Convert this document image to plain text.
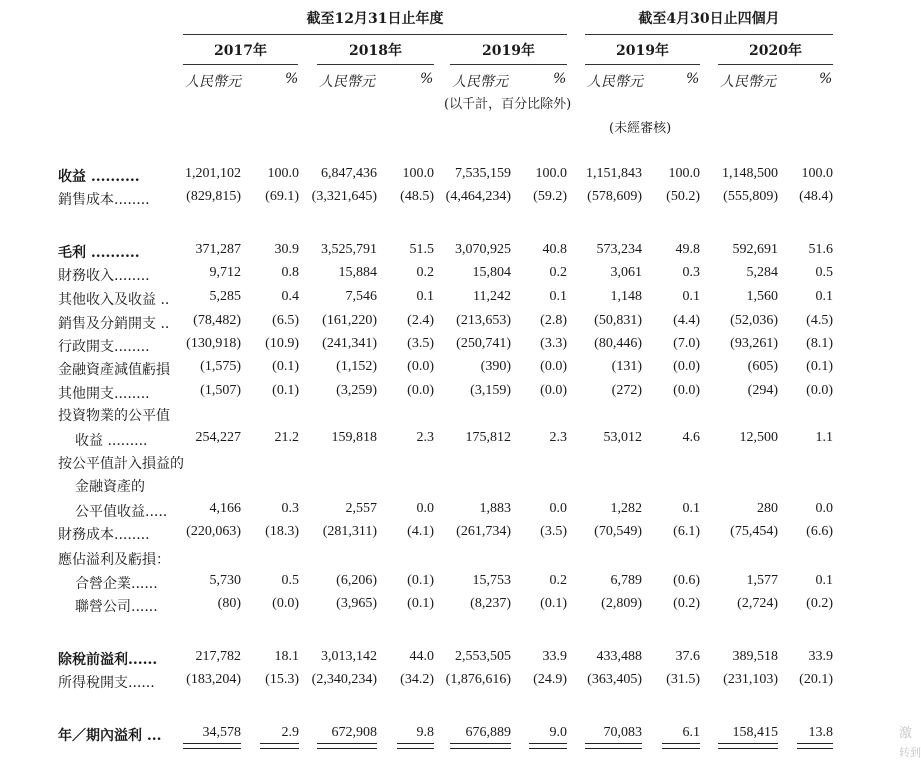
截至12月31日止年度	截至4月30日止四個月
2017年
人民幣元	%
2018年
人民幣元	%
2019年
人民幣元	%
2019年
人民幣元	%
2020年
人民幣元	%
(以千計，百分比除外)
(未經審核)
收益 ..........	1,201,102	100.0	6,847,436	100.0	7,535,159	100.0	1,151,843	100.0	1,148,500	100.0
銷售成本........	(829,815)	(69.1) (3,321,645)	(48.5) (4,464,234)	(59.2)	(578,609)	(50.2)	(555,809)	(48.4)
毛利 ..........	371,287	30.9	3,525,791	51.5	3,070,925	40.8	573,234	49.8	592,691	51.6
財務收入........	9,712	0.8	15,884	0.2	15,804	0.2	3,061	0.3	5,284	0.5
其他收入及收益 ..	5,285	0.4	7,546	0.1	11,242	0.1	1,148	0.1	1,560	0.1
銷售及分銷開支 ..	(78,482)	(6.5)	(161,220)	(2.4)	(213,653)	(2.8)	(50,831)	(4.4)	(52,036)	(4.5)
行政開支........	(130,918)	(10.9)	(241,341)	(3.5)	(250,741)	(3.3)	(80,446)	(7.0)	(93,261)	(8.1)
金融資產減值虧損	(1,575)	(0.1)	(1,152)	(0.0)	(390)	(0.0)	(131)	(0.0)	(605)	(0.1)
其他開支........	(1,507)	(0.1)	(3,259)	(0.0)	(3,159)	(0.0)	(272)	(0.0)	(294)	(0.0)
投資物業的公平值
收益 .........	254,227	21.2	159,818	2.3	175,812	2.3	53,012	4.6	12,500	1.1
按公平值計入損益的
金融資產的
公平值收益.....	4,166	0.3	2,557	0.0	1,883	0.0	1,282	0.1	280	0.0
財務成本........	(220,063)	(18.3)	(281,311)	(4.1)	(261,734)	(3.5)	(70,549)	(6.1)	(75,454)	(6.6)
應佔溢利及虧損：
合營企業......	5,730	0.5	(6,206)	(0.1)	15,753	0.2	6,789	(0.6)	1,577	0.1
聯營公司......	(80)	(0.0)	(3,965)	(0.1)	(8,237)	(0.1)	(2,809)	(0.2)	(2,724)	(0.2)
除稅前溢利......	217,782	18.1	3,013,142	44.0	2,553,505	33.9	433,488	37.6	389,518	33.9
所得稅開支......	(183,204)	(15.3) (2,340,234)	(34.2) (1,876,616)	(24.9)	(363,405)	(31.5)	(231,103)	(20.1)
年／期內溢利 ...	34,578	2.9	672,908	9.8	676,889	9.0	70,083	6.1	158,415	13.8	激
转到
